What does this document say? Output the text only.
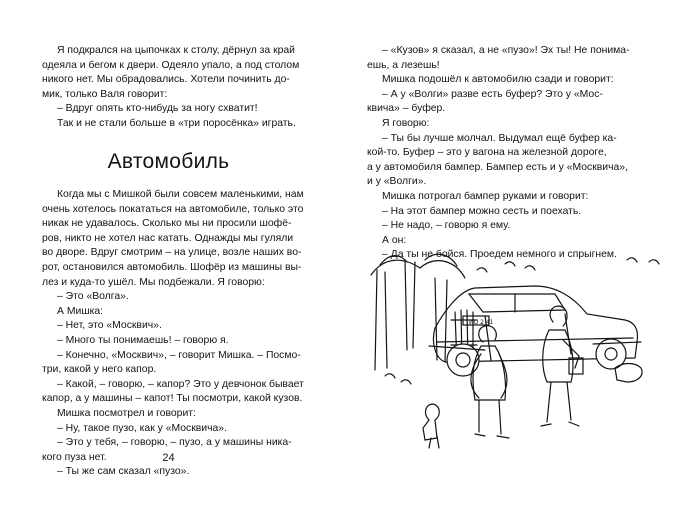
Я подкрался на цыпочках к столу, дёрнул за край
одеяла и бегом к двери. Одеяло упало, а под столом
никого нет. Мы обрадовались. Хотели починить до-
мик, только Валя говорит:
– Вдруг опять кто-нибудь за ногу схватит!
Так и не стали больше в «три поросёнка» играть.
Автомобиль
Когда мы с Мишкой были совсем маленькими, нам
очень хотелось покататься на автомобиле, только это
никак не удавалось. Сколько мы ни просили шофё-
ров, никто не хотел нас катать. Однажды мы гуляли
во дворе. Вдруг смотрим – на улице, возле наших во-
рот, остановился автомобиль. Шофёр из машины вы-
лез и куда-то ушёл. Мы подбежали. Я говорю:
– Это «Волга».
А Мишка:
– Нет, это «Москвич».
– Много ты понимаешь! – говорю я.
– Конечно, «Москвич», – говорит Мишка. – Посмо-
три, какой у него капор.
– Какой, – говорю, – капор? Это у девчонок бывает
капор, а у машины – капот! Ты посмотри, какой кузов.
Мишка посмотрел и говорит:
– Ну, такое пузо, как у «Москвича».
– Это у тебя, – говорю, – пузо, а у машины ника-
кого пуза нет.
– Ты же сам сказал «пузо».
24
– «Кузов» я сказал, а не «пузо»! Эх ты! Не понима-
ешь, а лезешь!
Мишка подошёл к автомобилю сзади и говорит:
– А у «Волги» разве есть буфер? Это у «Мос-
квича» – буфер.
Я говорю:
– Ты бы лучше молчал. Выдумал ещё буфер ка-
кой-то. Буфер – это у вагона на железной дороге,
а у автомобиля бампер. Бампер есть и у «Москвича»,
и у «Волги».
Мишка потрогал бампер руками и говорит:
– На этот бампер можно сесть и поехать.
– Не надо, – говорю я ему.
А он:
– Да ты не бойся. Проедем немного и спрыгнем.
ИО 2 41
